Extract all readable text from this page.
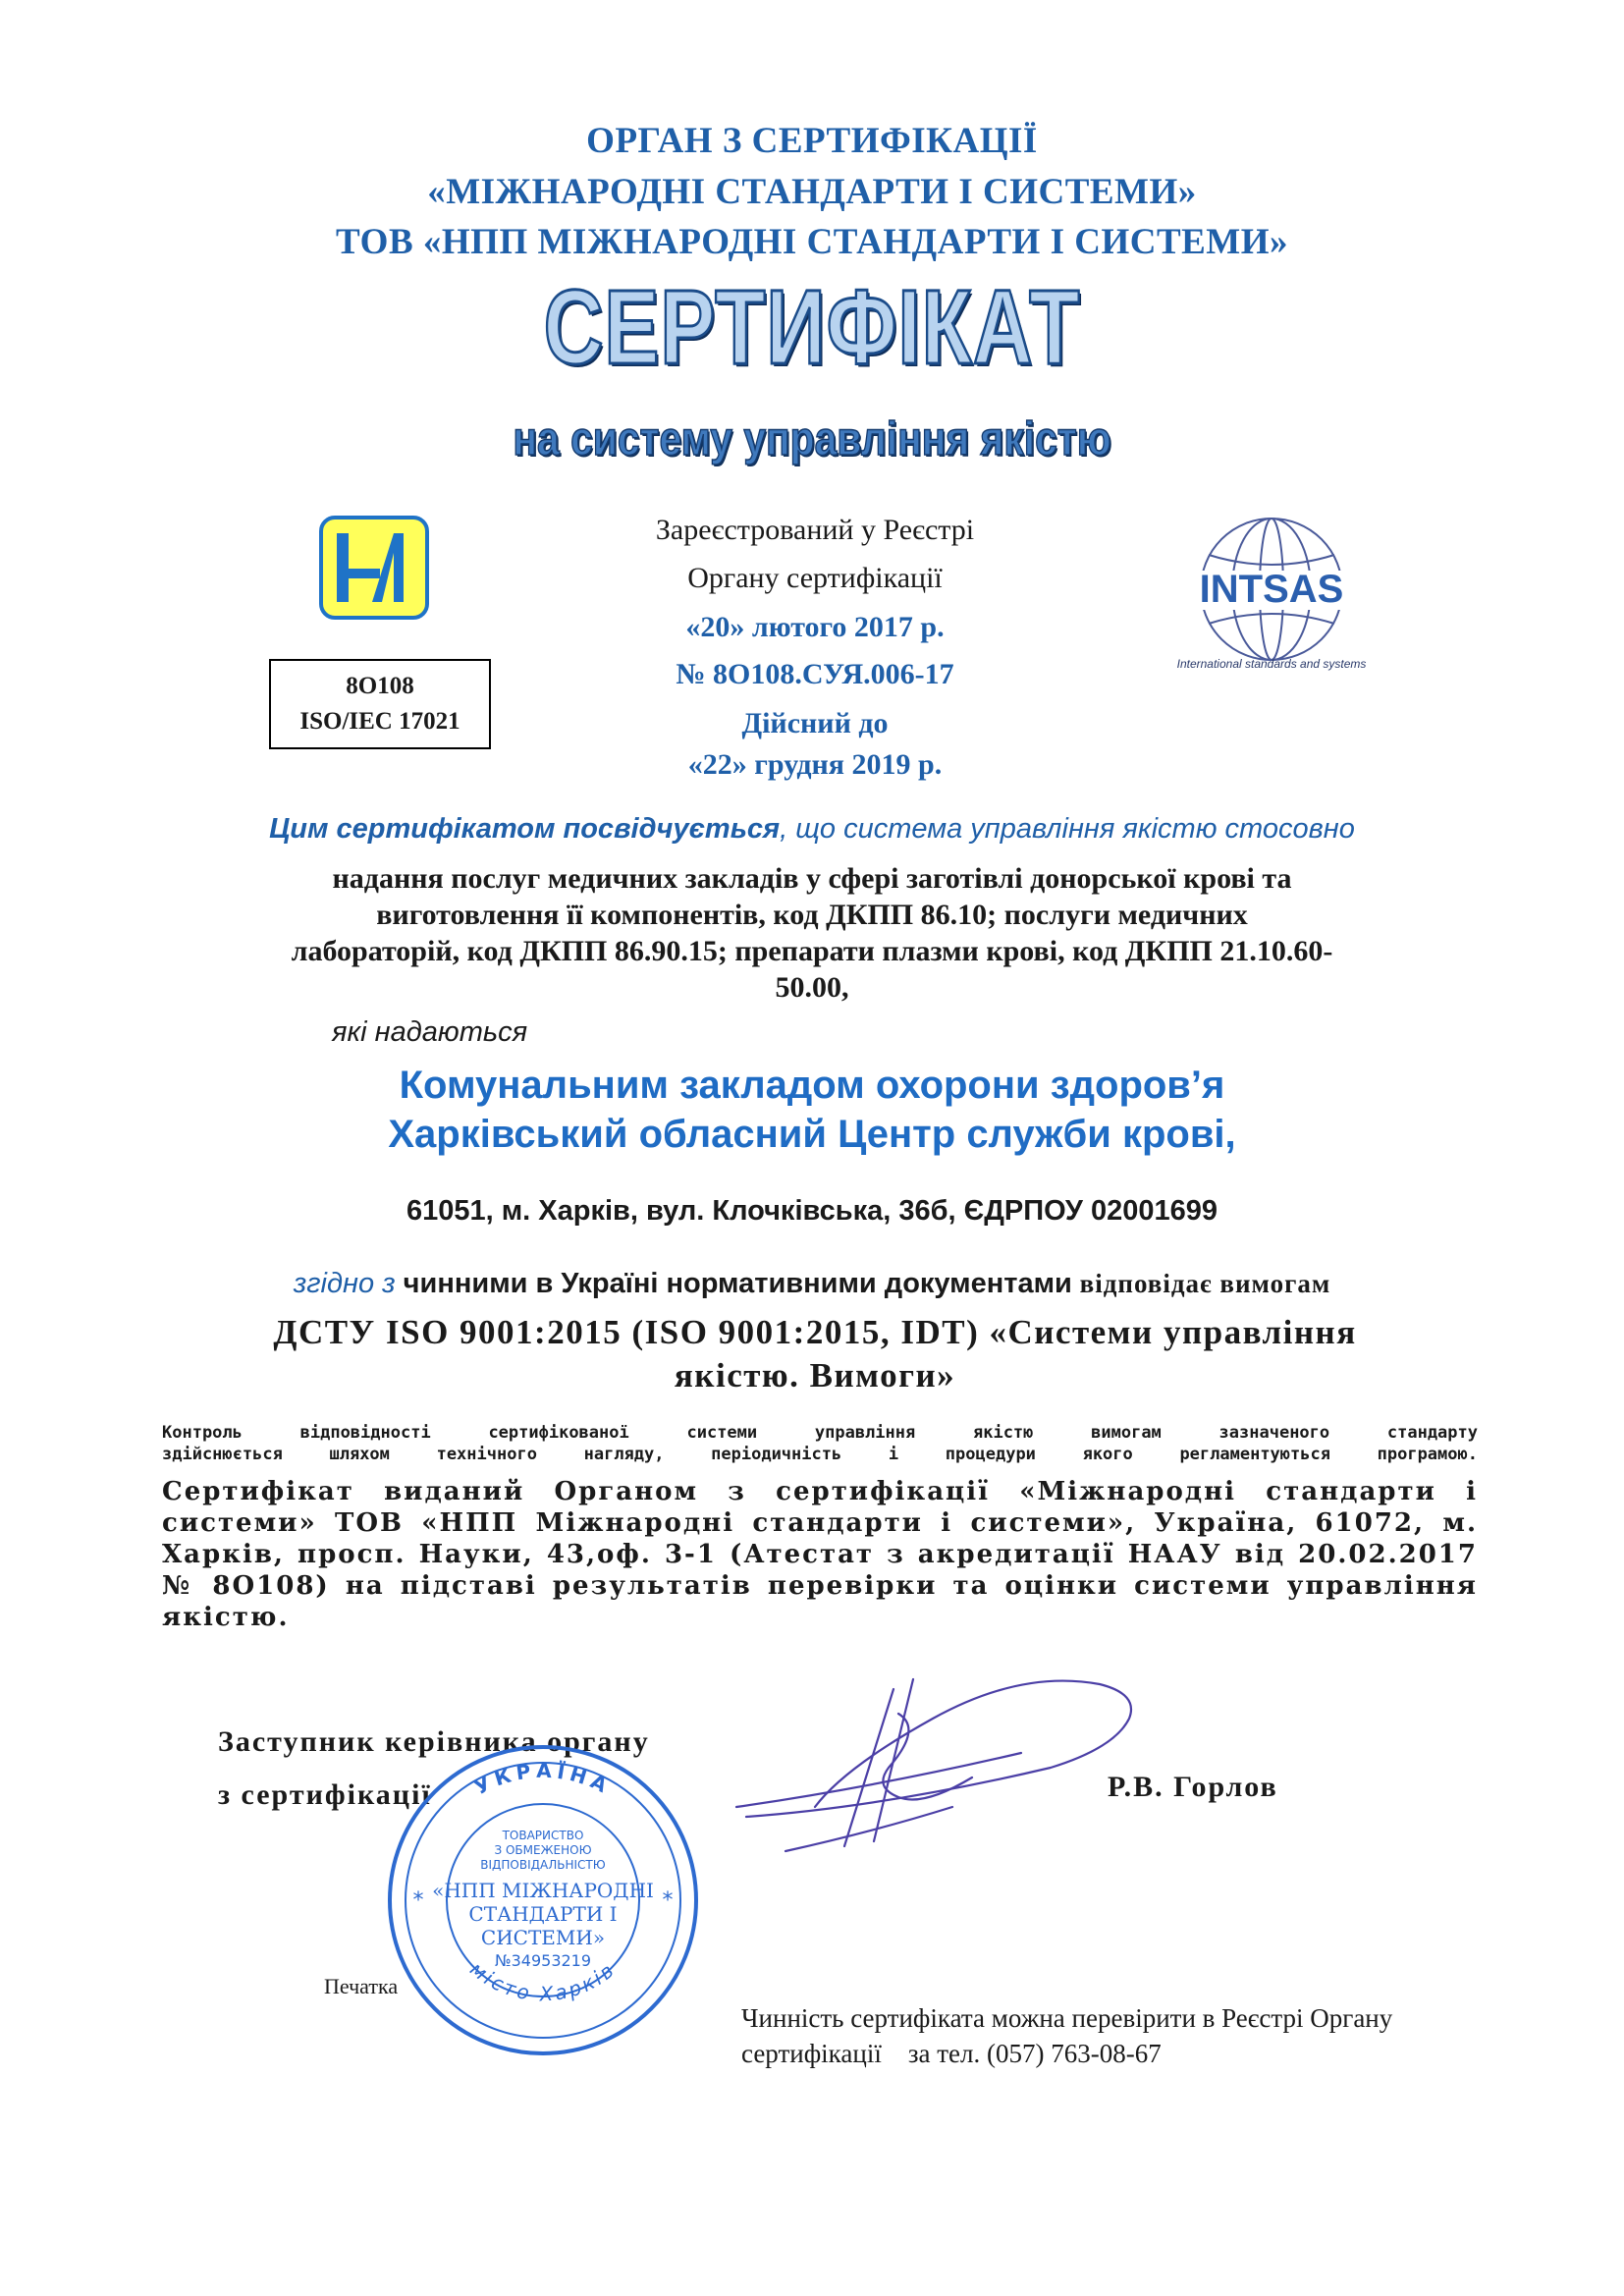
ОРГАН З СЕРТИФІКАЦІЇ
«МІЖНАРОДНІ СТАНДАРТИ І СИСТЕМИ»
ТОВ «НПП МІЖНАРОДНІ СТАНДАРТИ І СИСТЕМИ»
СЕРТИФІКАТ
на систему управління якістю
8О108
ISO/IEC 17021
Зареєстрований у Реєстрі
Органу сертифікації
«20» лютого 2017 р.
№ 8О108.СУЯ.006-17
Дійсний до
«22» грудня 2019 р.
INTSAS
International standards and systems
Цим сертифікатом посвідчується, що система управління якістю стосовно
надання послуг медичних закладів у сфері заготівлі донорської крові та
виготовлення її компонентів, код ДКПП 86.10; послуги медичних
лабораторій, код ДКПП 86.90.15; препарати плазми крові, код ДКПП 21.10.60-
50.00,
які надаються
Комунальним закладом охорони здоров’я
Харківський обласний Центр служби крові,
61051, м. Харків, вул. Клочківська, 36б, ЄДРПОУ 02001699
згідно з чинними в Україні нормативними документами відповідає вимогам
ДСТУ ISO 9001:2015 (ISO 9001:2015, IDT) «Системи управління
якістю. Вимоги»
Контроль відповідності сертифікованої системи управління якістю вимогам зазначеного стандарту
здійснюється шляхом технічного нагляду, періодичність і процедури якого регламентуються програмою.
Сертифікат виданий Органом з сертифікації «Міжнародні стандарти і системи» ТОВ «НПП Міжнародні стандарти і системи», Україна, 61072, м. Харків, просп. Науки, 43,оф. 3-1 (Атестат з акредитації НААУ від 20.02.2017 № 8О108) на підставі результатів перевірки та оцінки системи управління якістю.
Заступник керівника органу
з сертифікації	УКРАЇНА
місто Харків
*	*
ТОВАРИСТВО
З ОБМЕЖЕНОЮ
ВІДПОВІДАЛЬНІСТЮ
«НПП МІЖНАРОДНІ
СТАНДАРТИ І
СИСТЕМИ»
№34953219
Р.В. Горлов
Печатка
Чинність сертифіката можна перевірити в Реєстрі Органу
сертифікації    за тел. (057) 763-08-67
